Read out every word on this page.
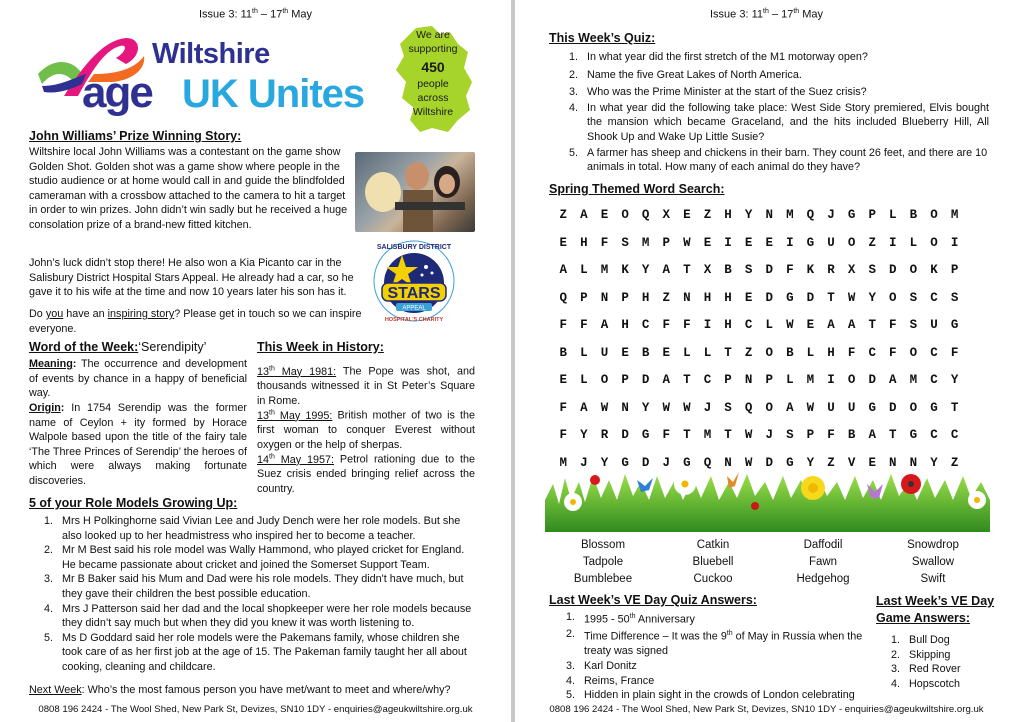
Issue 3: 11th – 17th May
Wiltshire
age UK Unites
We are
supporting
450
people
across
Wiltshire
John Williams’ Prize Winning Story:
Wiltshire local John Williams was a contestant on the game show Golden Shot. Golden shot was a game show where people in the studio audience or at home would call in and guide the blindfolded cameraman with a crossbow attached to the camera to hit a target in order to win prizes. John didn’t win sadly but he received a huge consolation prize of a brand-new fitted kitchen.
John’s luck didn’t stop there! He also won a Kia Picanto car in the Salisbury District Hospital Stars Appeal. He already had a car, so he gave it to his wife at the time and now 10 years later his son has it.
Do you have an inspiring story? Please get in touch so we can inspire everyone.
STARS
APPEAL
SALISBURY DISTRICT
HOSPITAL'S CHARITY
Word of the Week:‘Serendipity’
Meaning: The occurrence and development of events by chance in a happy of beneficial way.
Origin: In 1754 Serendip was the former name of Ceylon + ity formed by Horace Walpole based upon the title of the fairy tale ‘The Three Princes of Serendip’ the heroes of which were always making fortunate discoveries.
This Week in History:
13th May 1981: The Pope was shot, and thousands witnessed it in St Peter’s Square in Rome.
13th May 1995: British mother of two is the first woman to conquer Everest without oxygen or the help of sherpas.
14th May 1957: Petrol rationing due to the Suez crisis ended bringing relief across the country.
5 of your Role Models Growing Up:
1. Mrs H Polkinghorne said Vivian Lee and Judy Dench were her role models. But she also looked up to her headmistress who inspired her to become a teacher.
2. Mr M Best said his role model was Wally Hammond, who played cricket for England. He became passionate about cricket and joined the Somerset Support Team.
3. Mr B Baker said his Mum and Dad were his role models. They didn't have much, but they gave their children the best possible education.
4. Mrs J Patterson said her dad and the local shopkeeper were her role models because they didn’t say much but when they did you knew it was worth listening to.
5. Ms D Goddard said her role models were the Pakemans family, whose children she took care of as her first job at the age of 15. The Pakeman family taught her all about cooking, cleaning and childcare.
Next Week: Who’s the most famous person you have met/want to meet and where/why?
0808 196 2424 - The Wool Shed, New Park St, Devizes, SN10 1DY - enquiries@ageukwiltshire.org.uk
Issue 3: 11th – 17th May
This Week’s Quiz:
1. In what year did the first stretch of the M1 motorway open?
2. Name the five Great Lakes of North America.
3. Who was the Prime Minister at the start of the Suez crisis?
4. In what year did the following take place: West Side Story premiered, Elvis bought the mansion which became Graceland, and the hits included Blueberry Hill, All Shook Up and Wake Up Little Susie?
5. A farmer has sheep and chickens in their barn. They count 26 feet, and there are 10 animals in total. How many of each animal do they have?
Spring Themed Word Search:
Z	A	E	O	Q	X	E	Z	H	Y	N	M	Q	J	G	P	L	B	O	M
E	H	F	S	M	P	W	E	I	E	E	I	G	U	O	Z	I	L	O	I
A	L	M	K	Y	A	T	X	B	S	D	F	K	R	X	S	D	O	K	P
Q	P	N	P	H	Z	N	H	H	E	D	G	D	T	W	Y	O	S	C	S
F	F	A	H	C	F	F	I	H	C	L	W	E	A	A	T	F	S	U	G
B	L	U	E	B	E	L	L	T	Z	O	B	L	H	F	C	F	O	C	F
E	L	O	P	D	A	T	C	P	N	P	L	M	I	O	D	A	M	C	Y
F	A	W	N	Y	W	W	J	S	Q	O	A	W	U	U	G	D	O	G	T
F	Y	R	D	G	F	T	M	T	W	J	S	P	F	B	A	T	G	C	C
M	J	Y	G	D	J	G	Q	N	W	D	G	Y	Z	V	E	N	N	Y	Z
Blossom	Catkin	Daffodil	Snowdrop
Tadpole	Bluebell	Fawn	Swallow
Bumblebee	Cuckoo	Hedgehog	Swift
Last Week’s VE Day Quiz Answers:
1. 1995 - 50th Anniversary
2. Time Difference – It was the 9th of May in Russia when the treaty was signed
3. Karl Donitz
4. Reims, France
5. Hidden in plain sight in the crowds of London celebrating
Last Week’s VE Day
Game Answers:
1. Bull Dog
2. Skipping
3. Red Rover
4. Hopscotch
0808 196 2424 - The Wool Shed, New Park St, Devizes, SN10 1DY - enquiries@ageukwiltshire.org.uk
